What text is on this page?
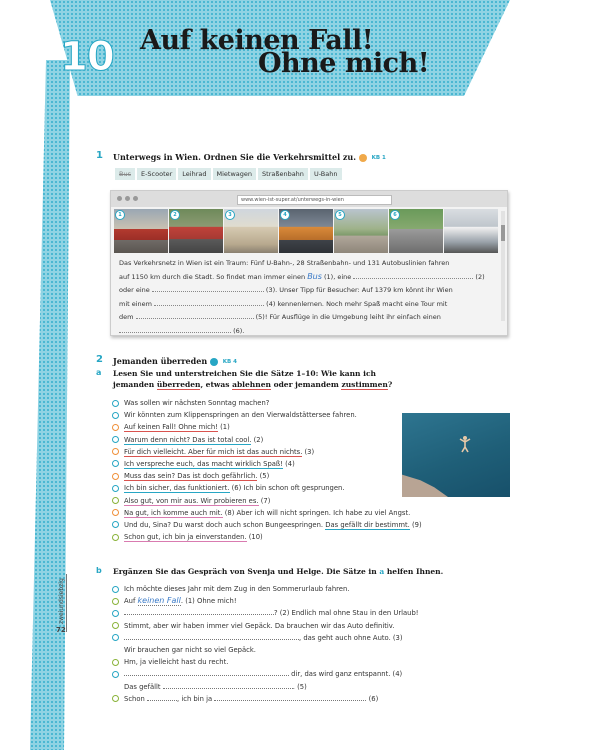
10 Auf keinen Fall!
Ohne mich!
zweiundsiebzig
72
1 Unterwegs in Wien. Ordnen Sie die Verkehrsmittel zu.	KB 1
Bus	E-Scooter	Leihrad	Mietwagen	Straßenbahn	U-Bahn
www.wien-ist-super.at/unterwegs-in-wien
1	2	3	4	5	6
Das Verkehrsnetz in Wien ist ein Traum: Fünf U-Bahn-, 28 Straßenbahn- und 131 Autobuslinien fahren
auf 1150 km durch die Stadt. So findet man immer einen Bus (1), eine	(2)
oder eine	(3). Unser Tipp für Besucher: Auf 1379 km könnt ihr Wien
mit einem	(4) kennenlernen. Noch mehr Spaß macht eine Tour mit
dem	(5)! Für Ausflüge in die Umgebung leiht ihr einfach einen
(6).
2 Jemanden überreden	KB 4
a Lesen Sie und unterstreichen Sie die Sätze 1–10: Wie kann ich
jemanden überreden, etwas ablehnen oder jemandem zustimmen?
Was sollen wir nächsten Sonntag machen?
Wir könnten zum Klippenspringen an den Vierwaldstättersee fahren.
Auf keinen Fall! Ohne mich! (1)
Warum denn nicht? Das ist total cool. (2)
Für dich vielleicht. Aber für mich ist das auch nichts. (3)
Ich verspreche euch, das macht wirklich Spaß! (4)
Muss das sein? Das ist doch gefährlich. (5)
Ich bin sicher, das funktioniert. (6) Ich bin schon oft gesprungen.
Also gut, von mir aus. Wir probieren es. (7)
Na gut, ich komme auch mit. (8) Aber ich will nicht springen. Ich habe zu viel Angst.
Und du, Sina? Du warst doch auch schon Bungeespringen. Das gefällt dir bestimmt. (9)
Schon gut, ich bin ja einverstanden. (10)
b Ergänzen Sie das Gespräch von Svenja und Helge. Die Sätze in a helfen Ihnen.
Ich möchte dieses Jahr mit dem Zug in den Sommerurlaub fahren.
Auf keinen Fall. (1) Ohne mich!
? (2) Endlich mal ohne Stau in den Urlaub!
Stimmt, aber wir haben immer viel Gepäck. Da brauchen wir das Auto definitiv.
, das geht auch ohne Auto. (3)
Wir brauchen gar nicht so viel Gepäck.
Hm, ja vielleicht hast du recht.
dir, das wird ganz entspannt. (4)
Das gefällt	. (5)
Schon	, ich bin ja	. (6)
